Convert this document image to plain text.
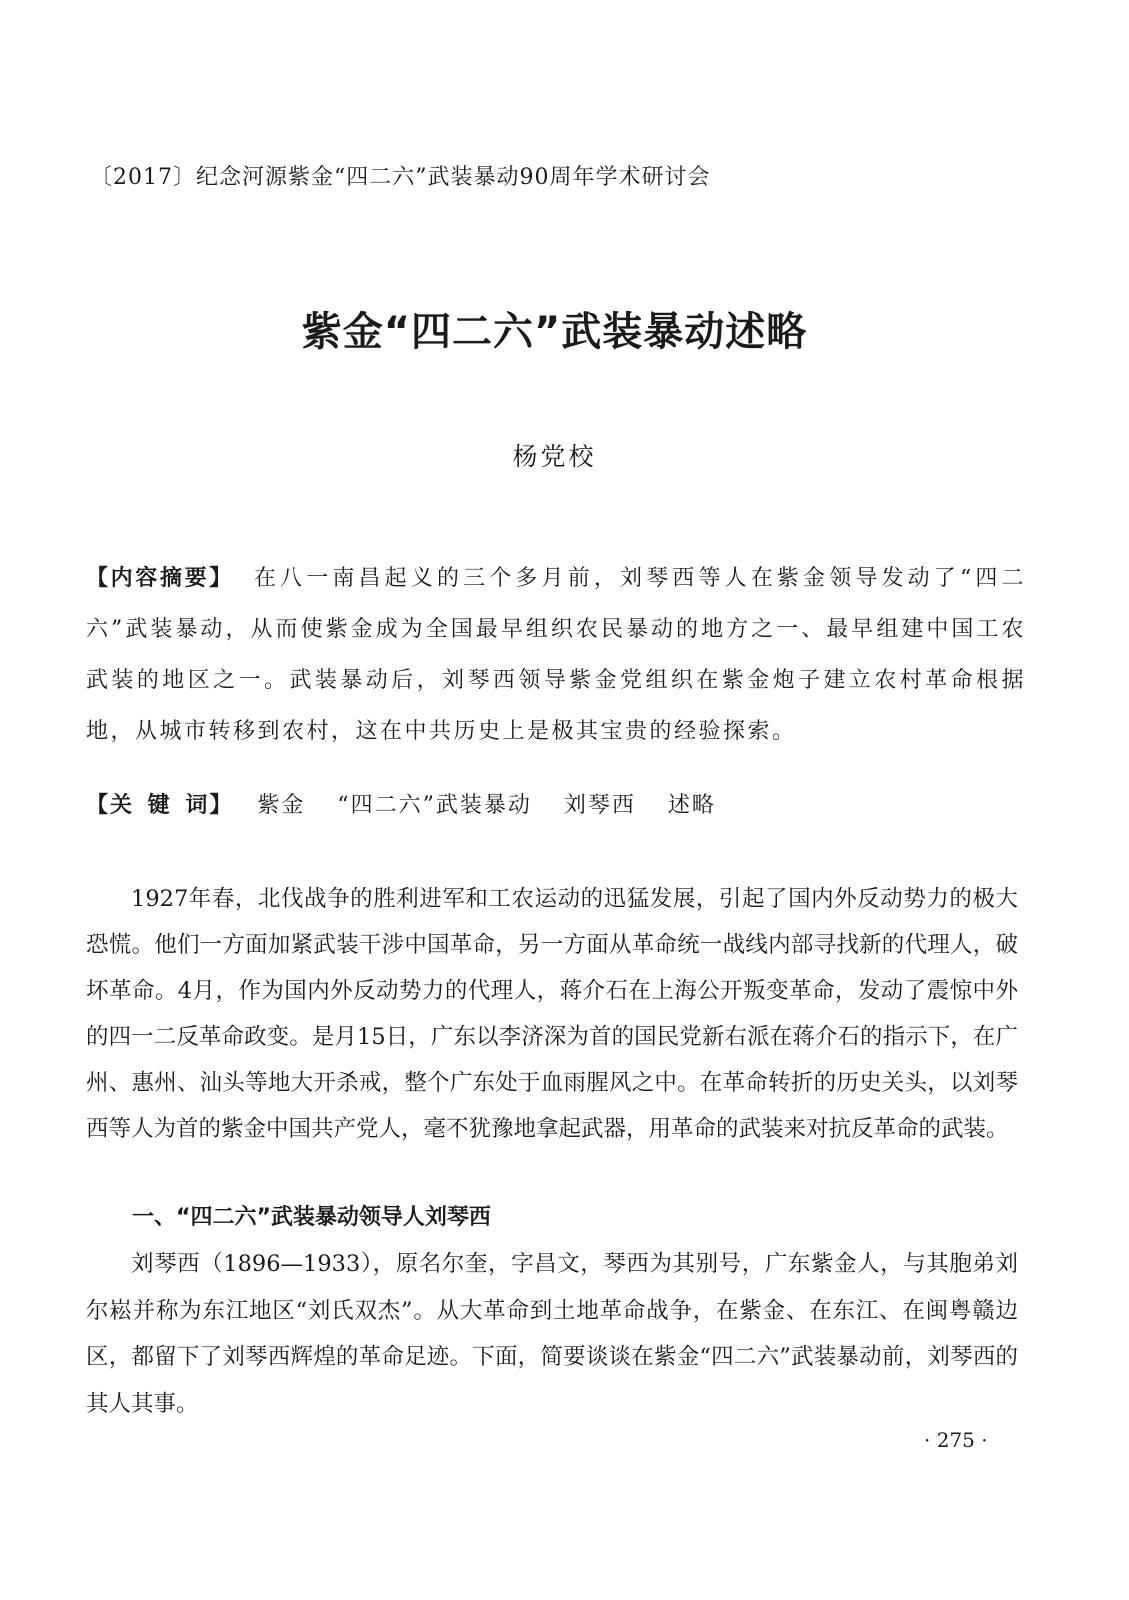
〔2017〕纪念河源紫金“四二六”武装暴动90周年学术研讨会
紫金“四二六”武装暴动述略
杨党校

【内容摘要】 在八一南昌起义的三个多月前，刘琴西等人在紫金领导发动了“四二六”武装暴动，从而使紫金成为全国最早组织农民暴动的地方之一、最早组建中国工农武装的地区之一。武装暴动后，刘琴西领导紫金党组织在紫金炮子建立农村革命根据地，从城市转移到农村，这在中共历史上是极其宝贵的经验探索。

【关 键 词】 紫金 “四二六”武装暴动 刘琴西 述略

1927年春，北伐战争的胜利进军和工农运动的迅猛发展，引起了国内外反动势力的极大恐慌。他们一方面加紧武装干涉中国革命，另一方面从革命统一战线内部寻找新的代理人，破坏革命。4月，作为国内外反动势力的代理人，蒋介石在上海公开叛变革命，发动了震惊中外的四一二反革命政变。是月15日，广东以李济深为首的国民党新右派在蒋介石的指示下，在广州、惠州、汕头等地大开杀戒，整个广东处于血雨腥风之中。在革命转折的历史关头，以刘琴西等人为首的紫金中国共产党人，毫不犹豫地拿起武器，用革命的武装来对抗反革命的武装。

一、“四二六”武装暴动领导人刘琴西

刘琴西（1896—1933），原名尔奎，字昌文，琴西为其别号，广东紫金人，与其胞弟刘尔崧并称为东江地区“刘氏双杰”。从大革命到土地革命战争，在紫金、在东江、在闽粤赣边区，都留下了刘琴西辉煌的革命足迹。下面，简要谈谈在紫金“四二六”武装暴动前，刘琴西的其人其事。

· 275 ·
